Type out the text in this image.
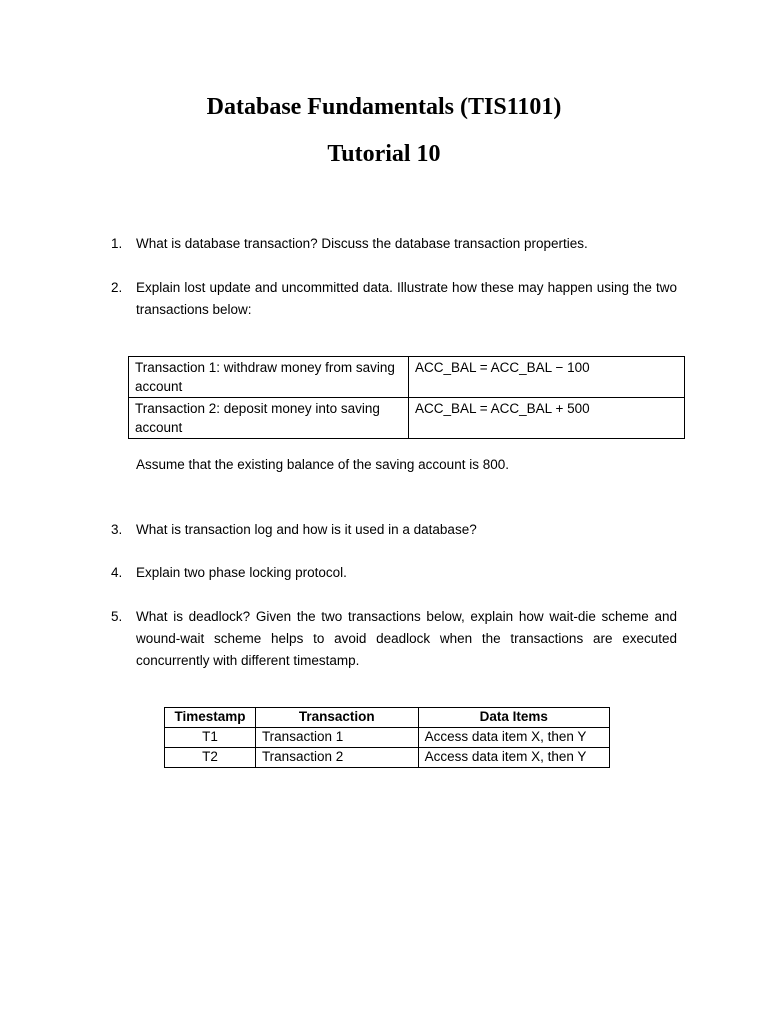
Database Fundamentals (TIS1101)
Tutorial 10
1. What is database transaction? Discuss the database transaction properties.
2. Explain lost update and uncommitted data. Illustrate how these may happen using the two transactions below:
Transaction 1: withdraw money from saving account	ACC_BAL = ACC_BAL − 100
Transaction 2: deposit money into saving account	ACC_BAL = ACC_BAL + 500
Assume that the existing balance of the saving account is 800.
3. What is transaction log and how is it used in a database?
4. Explain two phase locking protocol.
5. What is deadlock? Given the two transactions below, explain how wait-die scheme and wound-wait scheme helps to avoid deadlock when the transactions are executed concurrently with different timestamp.
Timestamp	Transaction	Data Items
T1	Transaction 1	Access data item X, then Y
T2	Transaction 2	Access data item X, then Y
